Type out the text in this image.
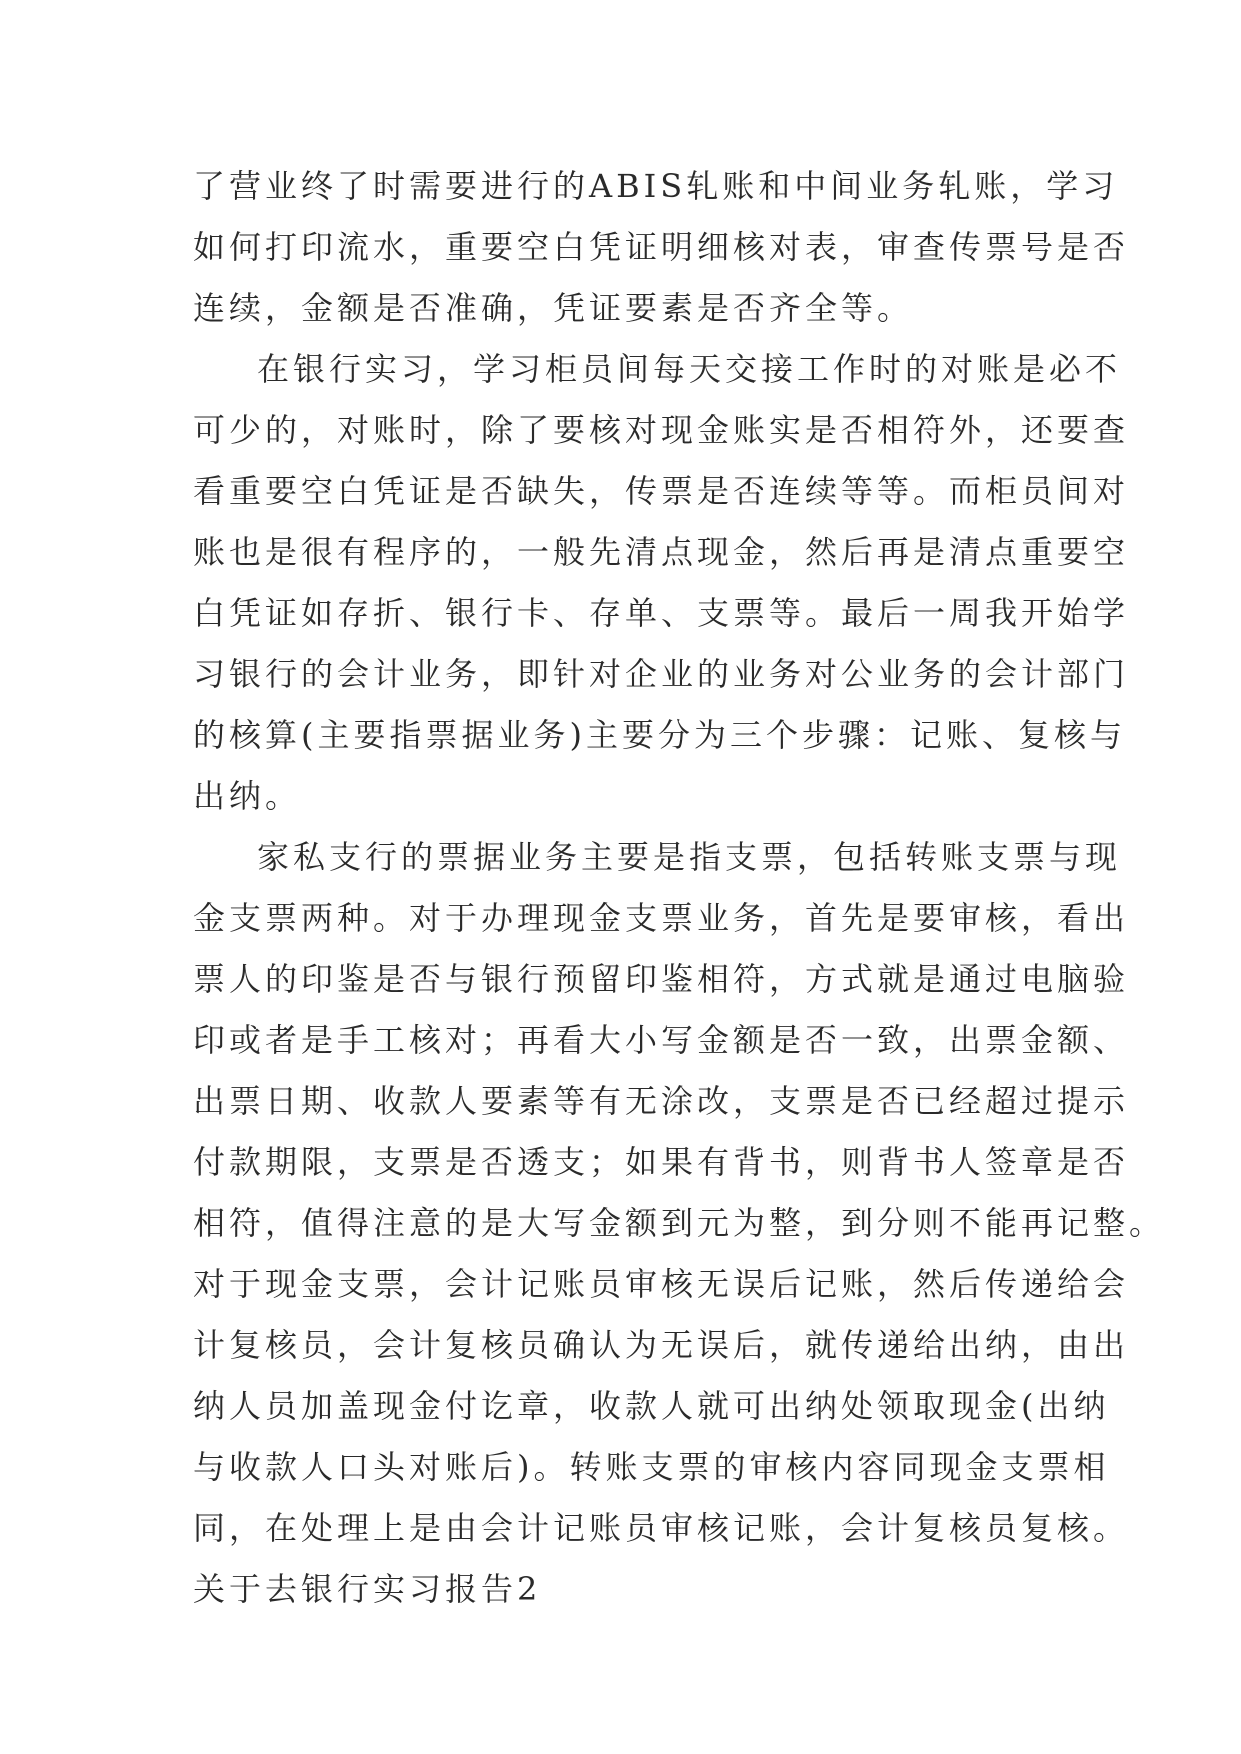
了营业终了时需要进行的ABIS轧账和中间业务轧账，学习
如何打印流水，重要空白凭证明细核对表，审查传票号是否
连续，金额是否准确，凭证要素是否齐全等。
在银行实习，学习柜员间每天交接工作时的对账是必不
可少的，对账时，除了要核对现金账实是否相符外，还要查
看重要空白凭证是否缺失，传票是否连续等等。而柜员间对
账也是很有程序的，一般先清点现金，然后再是清点重要空
白凭证如存折、银行卡、存单、支票等。最后一周我开始学
习银行的会计业务，即针对企业的业务对公业务的会计部门
的核算(主要指票据业务)主要分为三个步骤：记账、复核与
出纳。
家私支行的票据业务主要是指支票，包括转账支票与现
金支票两种。对于办理现金支票业务，首先是要审核，看出
票人的印鉴是否与银行预留印鉴相符，方式就是通过电脑验
印或者是手工核对；再看大小写金额是否一致，出票金额、
出票日期、收款人要素等有无涂改，支票是否已经超过提示
付款期限，支票是否透支；如果有背书，则背书人签章是否
相符，值得注意的是大写金额到元为整，到分则不能再记整。
对于现金支票，会计记账员审核无误后记账，然后传递给会
计复核员，会计复核员确认为无误后，就传递给出纳，由出
纳人员加盖现金付讫章，收款人就可出纳处领取现金(出纳
与收款人口头对账后)。转账支票的审核内容同现金支票相
同，在处理上是由会计记账员审核记账，会计复核员复核。
关于去银行实习报告2
